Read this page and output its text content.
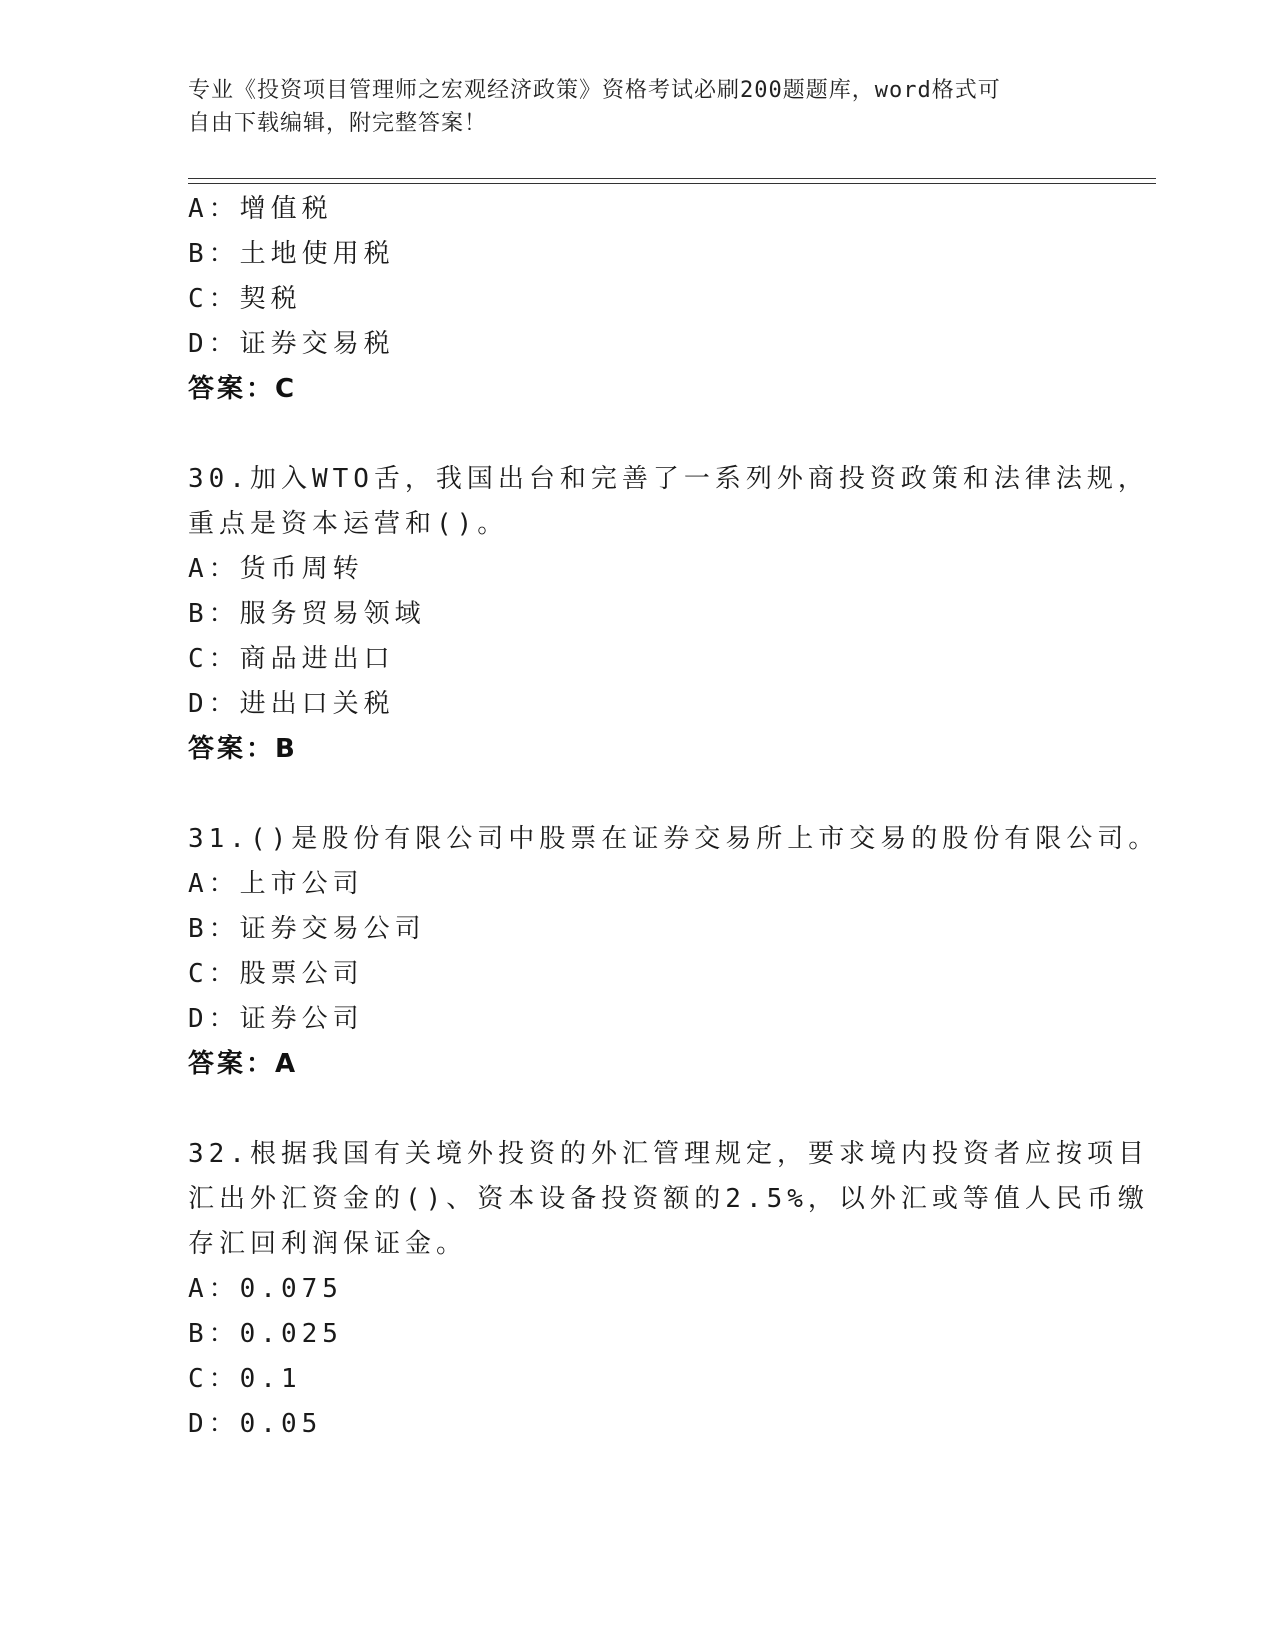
专业《投资项目管理师之宏观经济政策》资格考试必刷200题题库，word格式可
自由下载编辑，附完整答案！
A：增值税
B：土地使用税
C：契税
D：证券交易税
答案：C
30.加入WTO舌，我国出台和完善了一系列外商投资政策和法律法规，
重点是资本运营和()。
A：货币周转
B：服务贸易领域
C：商品进出口
D：进出口关税
答案：B
31.()是股份有限公司中股票在证券交易所上市交易的股份有限公司。
A：上市公司
B：证券交易公司
C：股票公司
D：证券公司
答案：A
32.根据我国有关境外投资的外汇管理规定，要求境内投资者应按项目
汇出外汇资金的()、资本设备投资额的2.5%，以外汇或等值人民币缴
存汇回利润保证金。
A：0.075
B：0.025
C：0.1
D：0.05
